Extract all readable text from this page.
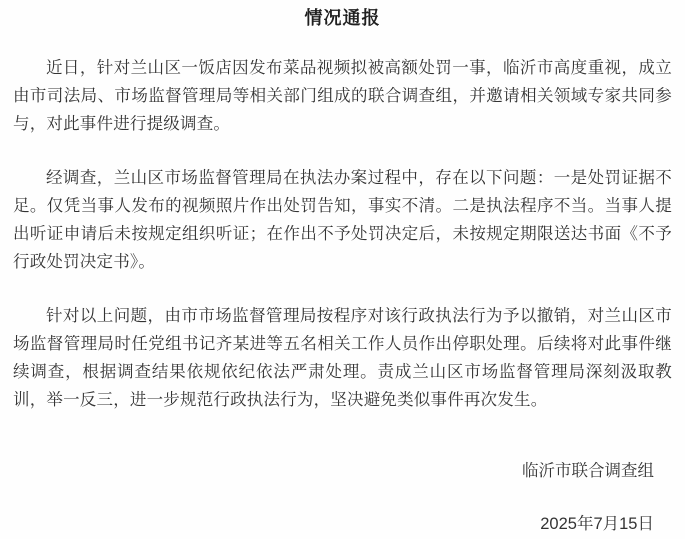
情况通报

近日，针对兰山区一饭店因发布菜品视频拟被高额处罚一事，临沂市高度重视，成立由市司法局、市场监督管理局等相关部门组成的联合调查组，并邀请相关领域专家共同参与，对此事件进行提级调查。

经调查，兰山区市场监督管理局在执法办案过程中，存在以下问题：一是处罚证据不足。仅凭当事人发布的视频照片作出处罚告知，事实不清。二是执法程序不当。当事人提出听证申请后未按规定组织听证；在作出不予处罚决定后，未按规定期限送达书面《不予行政处罚决定书》。

针对以上问题，由市市场监督管理局按程序对该行政执法行为予以撤销，对兰山区市场监督管理局时任党组书记齐某进等五名相关工作人员作出停职处理。后续将对此事件继续调查，根据调查结果依规依纪依法严肃处理。责成兰山区市场监督管理局深刻汲取教训，举一反三，进一步规范行政执法行为，坚决避免类似事件再次发生。

临沂市联合调查组
2025年7月15日
